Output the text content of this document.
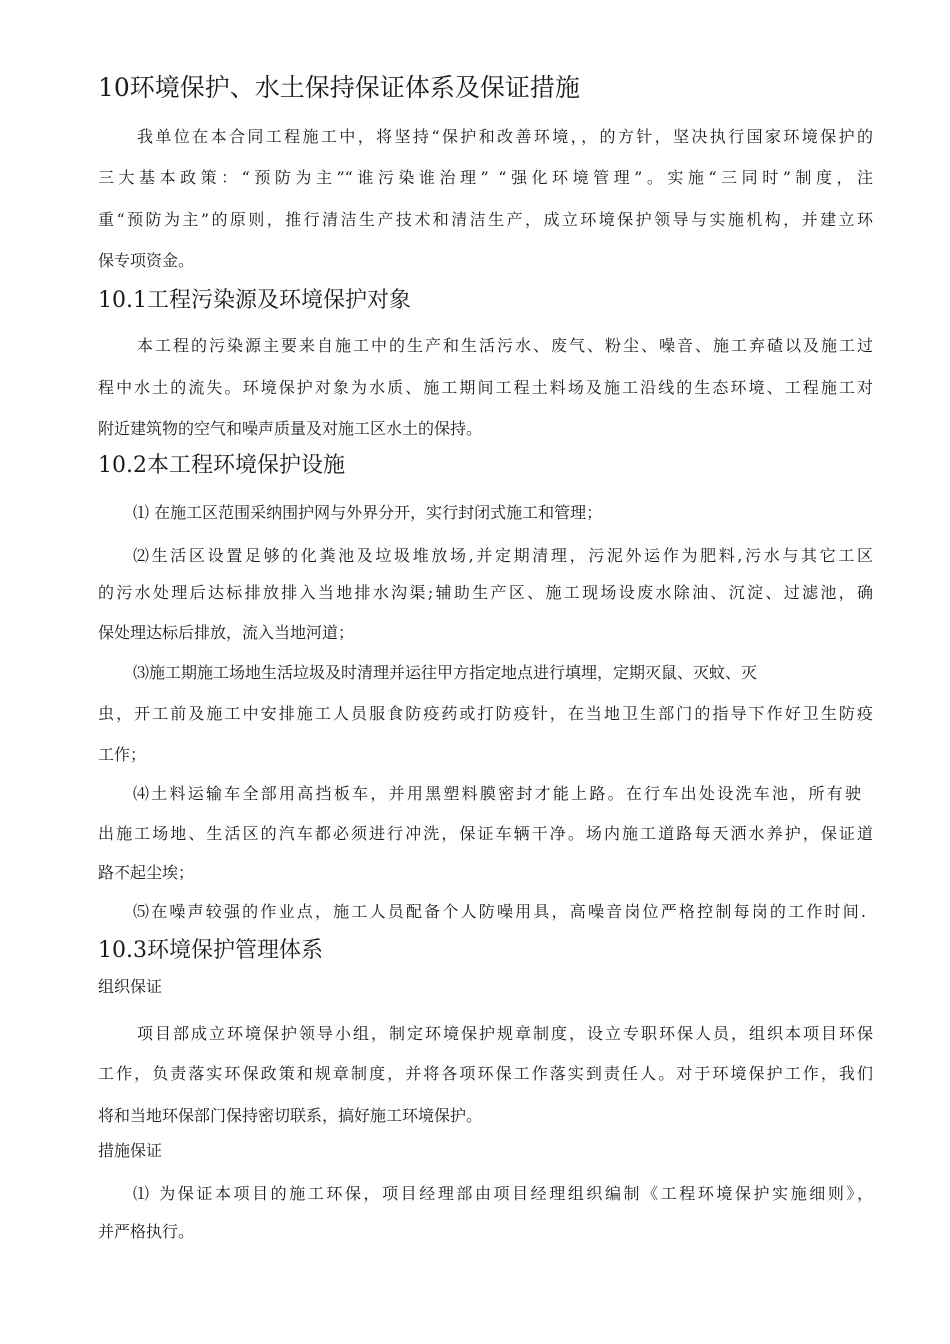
10环境保护、水土保持保证体系及保证措施
我单位在本合同工程施工中，将坚持“保护和改善环境，，的方针，坚决执行国家环境保护的
三大基本政策：“预防为主”“谁污染谁治理” “强化环境管理”。实施“三同时”制度，注
重“预防为主”的原则，推行清洁生产技术和清洁生产，成立环境保护领导与实施机构，并建立环
保专项资金。
10.1工程污染源及环境保护对象
本工程的污染源主要来自施工中的生产和生活污水、废气、粉尘、噪音、施工弃碴以及施工过
程中水土的流失。环境保护对象为水质、施工期间工程土料场及施工沿线的生态环境、工程施工对
附近建筑物的空气和噪声质量及对施工区水土的保持。
10.2本工程环境保护设施
⑴ 在施工区范围采纳围护网与外界分开，实行封闭式施工和管理；
⑵生活区设置足够的化粪池及垃圾堆放场,并定期清理，污泥外运作为肥料,污水与其它工区
的污水处理后达标排放排入当地排水沟渠;辅助生产区、施工现场设废水除油、沉淀、过滤池，确
保处理达标后排放，流入当地河道；
⑶施工期施工场地生活垃圾及时清理并运往甲方指定地点进行填埋，定期灭鼠、灭蚊、灭
虫，开工前及施工中安排施工人员服食防疫药或打防疫针，在当地卫生部门的指导下作好卫生防疫
工作；
⑷土料运输车全部用高挡板车，并用黑塑料膜密封才能上路。在行车出处设洗车池，所有驶
出施工场地、生活区的汽车都必须进行冲洗，保证车辆干净。场内施工道路每天洒水养护，保证道
路不起尘埃；
⑸在噪声较强的作业点，施工人员配备个人防噪用具，高噪音岗位严格控制每岗的工作时间.
10.3环境保护管理体系
组织保证
项目部成立环境保护领导小组，制定环境保护规章制度，设立专职环保人员，组织本项目环保
工作，负责落实环保政策和规章制度，并将各项环保工作落实到责任人。对于环境保护工作，我们
将和当地环保部门保持密切联系，搞好施工环境保护。
措施保证
⑴ 为保证本项目的施工环保，项目经理部由项目经理组织编制《工程环境保护实施细则》，
并严格执行。
